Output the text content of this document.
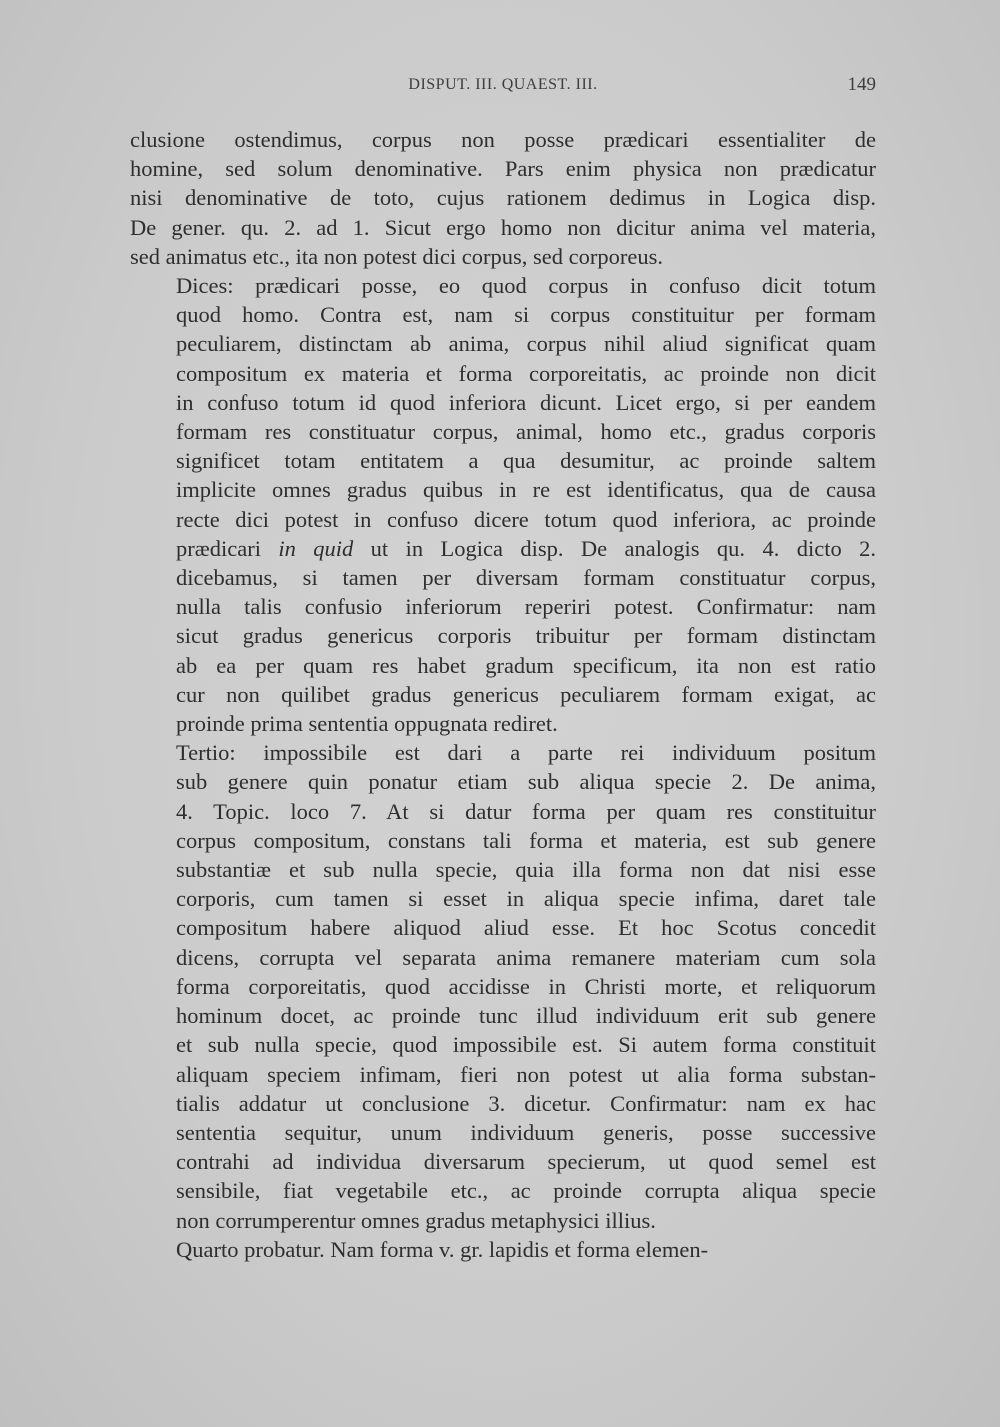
DISPUT. III. QUAEST. III.	149
clusione ostendimus, corpus non posse prædicari essentialiter de
homine, sed solum denominative. Pars enim physica non prædicatur
nisi denominative de toto, cujus rationem dedimus in Logica disp.
De gener. qu. 2. ad 1. Sicut ergo homo non dicitur anima vel materia,
sed animatus etc., ita non potest dici corpus, sed corporeus.
Dices: prædicari posse, eo quod corpus in confuso dicit totum
quod homo. Contra est, nam si corpus constituitur per formam
peculiarem, distinctam ab anima, corpus nihil aliud significat quam
compositum ex materia et forma corporeitatis, ac proinde non dicit
in confuso totum id quod inferiora dicunt. Licet ergo, si per eandem
formam res constituatur corpus, animal, homo etc., gradus corporis
significet totam entitatem a qua desumitur, ac proinde saltem
implicite omnes gradus quibus in re est identificatus, qua de causa
recte dici potest in confuso dicere totum quod inferiora, ac proinde
prædicari in quid ut in Logica disp. De analogis qu. 4. dicto 2.
dicebamus, si tamen per diversam formam constituatur corpus,
nulla talis confusio inferiorum reperiri potest. Confirmatur: nam
sicut gradus genericus corporis tribuitur per formam distinctam
ab ea per quam res habet gradum specificum, ita non est ratio
cur non quilibet gradus genericus peculiarem formam exigat, ac
proinde prima sententia oppugnata rediret.
Tertio: impossibile est dari a parte rei individuum positum
sub genere quin ponatur etiam sub aliqua specie 2. De anima,
4. Topic. loco 7. At si datur forma per quam res constituitur
corpus compositum, constans tali forma et materia, est sub genere
substantiæ et sub nulla specie, quia illa forma non dat nisi esse
corporis, cum tamen si esset in aliqua specie infima, daret tale
compositum habere aliquod aliud esse. Et hoc Scotus concedit
dicens, corrupta vel separata anima remanere materiam cum sola
forma corporeitatis, quod accidisse in Christi morte, et reliquorum
hominum docet, ac proinde tunc illud individuum erit sub genere
et sub nulla specie, quod impossibile est. Si autem forma constituit
aliquam speciem infimam, fieri non potest ut alia forma substan-
tialis addatur ut conclusione 3. dicetur. Confirmatur: nam ex hac
sententia sequitur, unum individuum generis, posse successive
contrahi ad individua diversarum specierum, ut quod semel est
sensibile, fiat vegetabile etc., ac proinde corrupta aliqua specie
non corrumperentur omnes gradus metaphysici illius.
Quarto probatur. Nam forma v. gr. lapidis et forma elemen-
